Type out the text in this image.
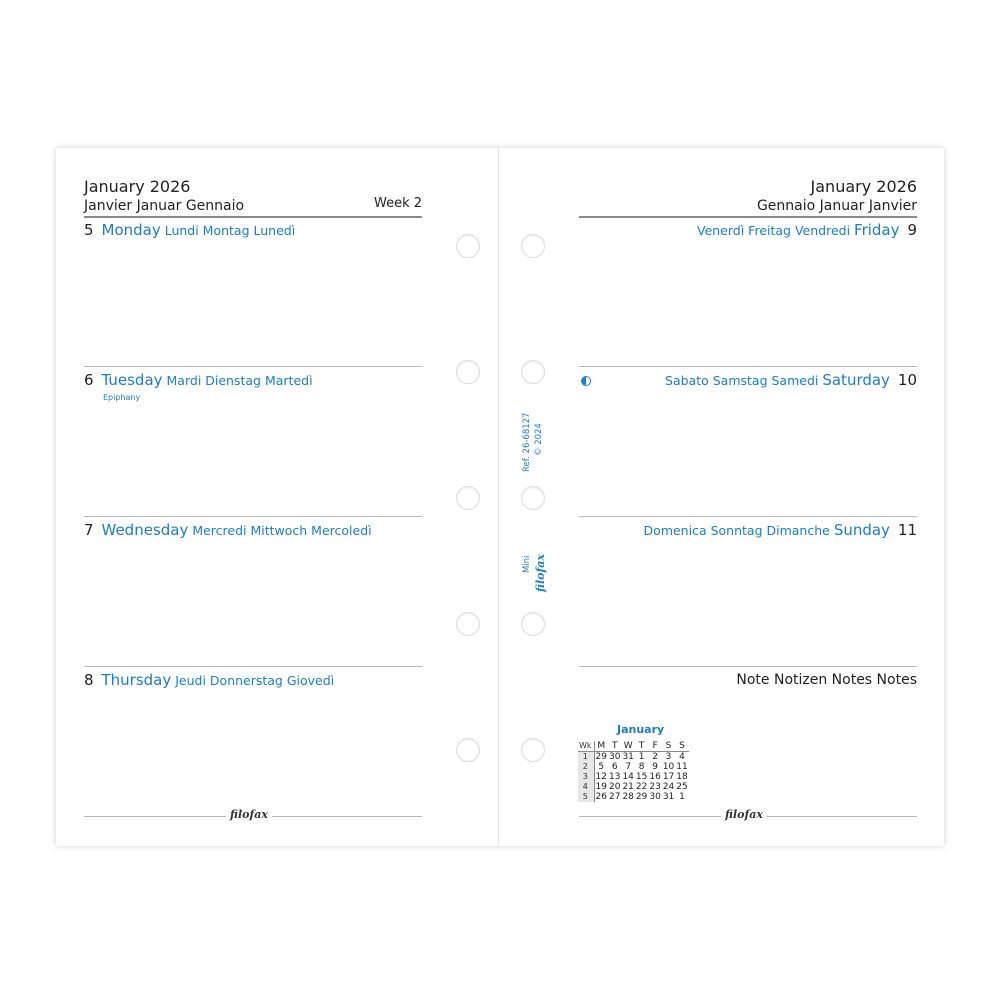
January 2026
Janvier Januar Gennaio	Week 2
5 Monday Lundi Montag Lunedì
6 Tuesday Mardi Dienstag Martedì
Epiphany
7 Wednesday Mercredi Mittwoch Mercoledì
8 Thursday Jeudi Donnerstag Giovedì
filofax
Ref. 26-68127 © 2024
Mini filofax
January 2026
Gennaio Januar Janvier
Venerdì Freitag Vendredi Friday 9
Sabato Samstag Samedi Saturday 10
Domenica Sonntag Dimanche Sunday 11
Note Notizen Notes Notes
filofax
January
Wk	M	T	W	T	F	S	S
1	29	30	31	1	2	3	4
2	5	6	7	8	9	10	11
3	12	13	14	15	16	17	18
4	19	20	21	22	23	24	25
5	26	27	28	29	30	31	1
